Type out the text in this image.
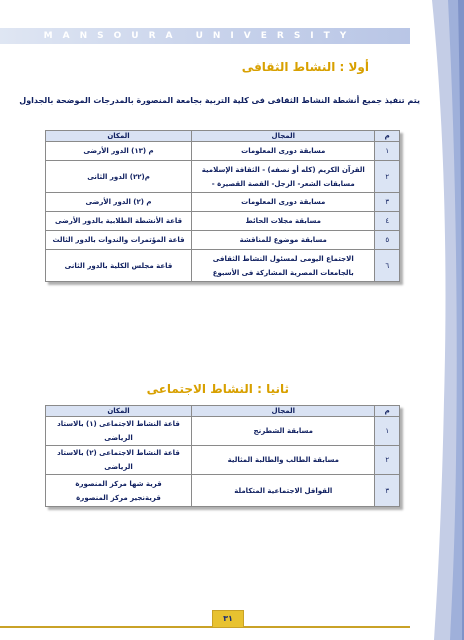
MANSOURA UNIVERSITY
أولا : النشاط الثقافى
يتم تنفيذ جميع أنشطة النشاط الثقافى فى كلية التربية بجامعة المنصورة بالمدرجات الموضحة بالجداول
م	المجال	المكان
١	مسابقة دورى المعلومات	م (١٣) الدور الأرضى

٢	القرآن الكريم (كله أو نصفه) - الثقافة الإسلامية
مسابقات الشعر- الزجل- القصة القصيرة -	م(٢٢) الدور الثانى

٣	مسابقة دورى المعلومات	م (٢) الدور الأرضى

٤	مسابقة مجلات الحائط	قاعة الأنشطة الطلابية بالدور الأرضى

٥	مسابقة موضوع للمناقشة	قاعة المؤتمرات والندوات بالدور الثالث

٦	الاجتماع اليومى لمسئول النشاط الثقافى
بالجامعات المصرية المشاركة فى الأسبوع	قاعة مجلس الكلية بالدور الثانى
ثانيا : النشاط الاجتماعى
م	المجال	المكان
١	مسابقة الشطرنج	قاعة النشاط الاجتماعى (١) بالاستاد الرياضى

٢	مسابقة الطالب والطالبة المثالية	قاعة النشاط الاجتماعى (٢) بالاستاد الرياضى

٣	القوافل الاجتماعية المتكاملة	قرية شها مركز المنصورة
قريةنجير مركز المنصورة
٣١
